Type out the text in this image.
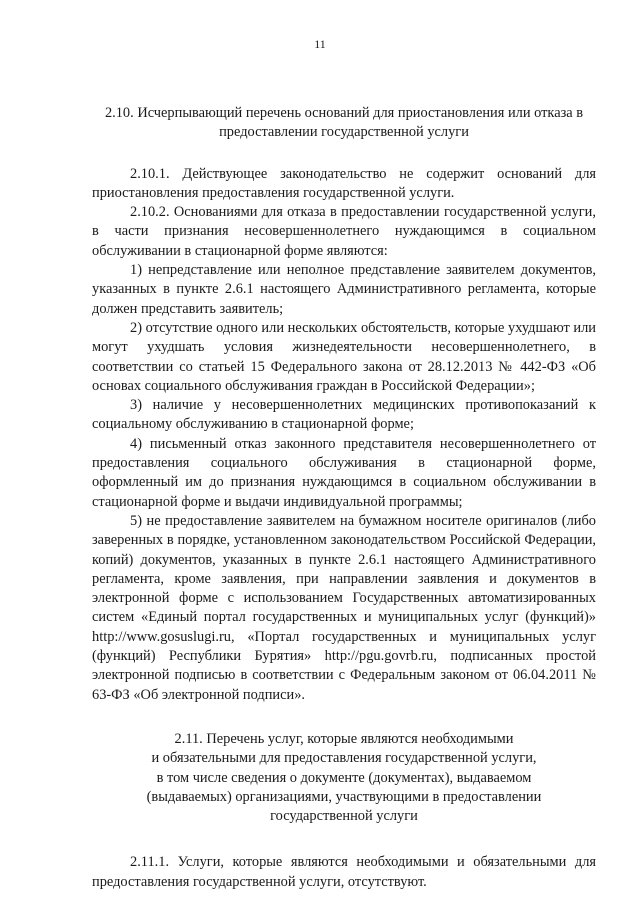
11
2.10. Исчерпывающий перечень оснований для приостановления или отказа в предоставлении государственной услуги

2.10.1. Действующее законодательство не содержит оснований для приостановления предоставления государственной услуги.

2.10.2. Основаниями для отказа в предоставлении государственной услуги, в части признания несовершеннолетнего нуждающимся в социальном обслуживании в стационарной форме являются:

1) непредставление или неполное представление заявителем документов, указанных в пункте 2.6.1 настоящего Административного регламента, которые должен представить заявитель;

2) отсутствие одного или нескольких обстоятельств, которые ухудшают или могут ухудшать условия жизнедеятельности несовершеннолетнего, в соответствии со статьей 15 Федерального закона от 28.12.2013 № 442-ФЗ «Об основах социального обслуживания граждан в Российской Федерации»;

3) наличие у несовершеннолетних медицинских противопоказаний к социальному обслуживанию в стационарной форме;

4) письменный отказ законного представителя несовершеннолетнего от предоставления социального обслуживания в стационарной форме, оформленный им до признания нуждающимся в социальном обслуживании в стационарной форме и выдачи индивидуальной программы;

5) не предоставление заявителем на бумажном носителе оригиналов (либо заверенных в порядке, установленном законодательством Российской Федерации, копий) документов, указанных в пункте 2.6.1 настоящего Административного регламента, кроме заявления, при направлении заявления и документов в электронной форме с использованием Государственных автоматизированных систем «Единый портал государственных и муниципальных услуг (функций)» http://www.gosuslugi.ru, «Портал государственных и муниципальных услуг (функций) Республики Бурятия» http://pgu.govrb.ru, подписанных простой электронной подписью в соответствии с Федеральным законом от 06.04.2011 № 63-ФЗ «Об электронной подписи».

2.11. Перечень услуг, которые являются необходимыми
и обязательными для предоставления государственной услуги,
в том числе сведения о документе (документах), выдаваемом
(выдаваемых) организациями, участвующими в предоставлении
государственной услуги

2.11.1. Услуги, которые являются необходимыми и обязательными для предоставления государственной услуги, отсутствуют.
